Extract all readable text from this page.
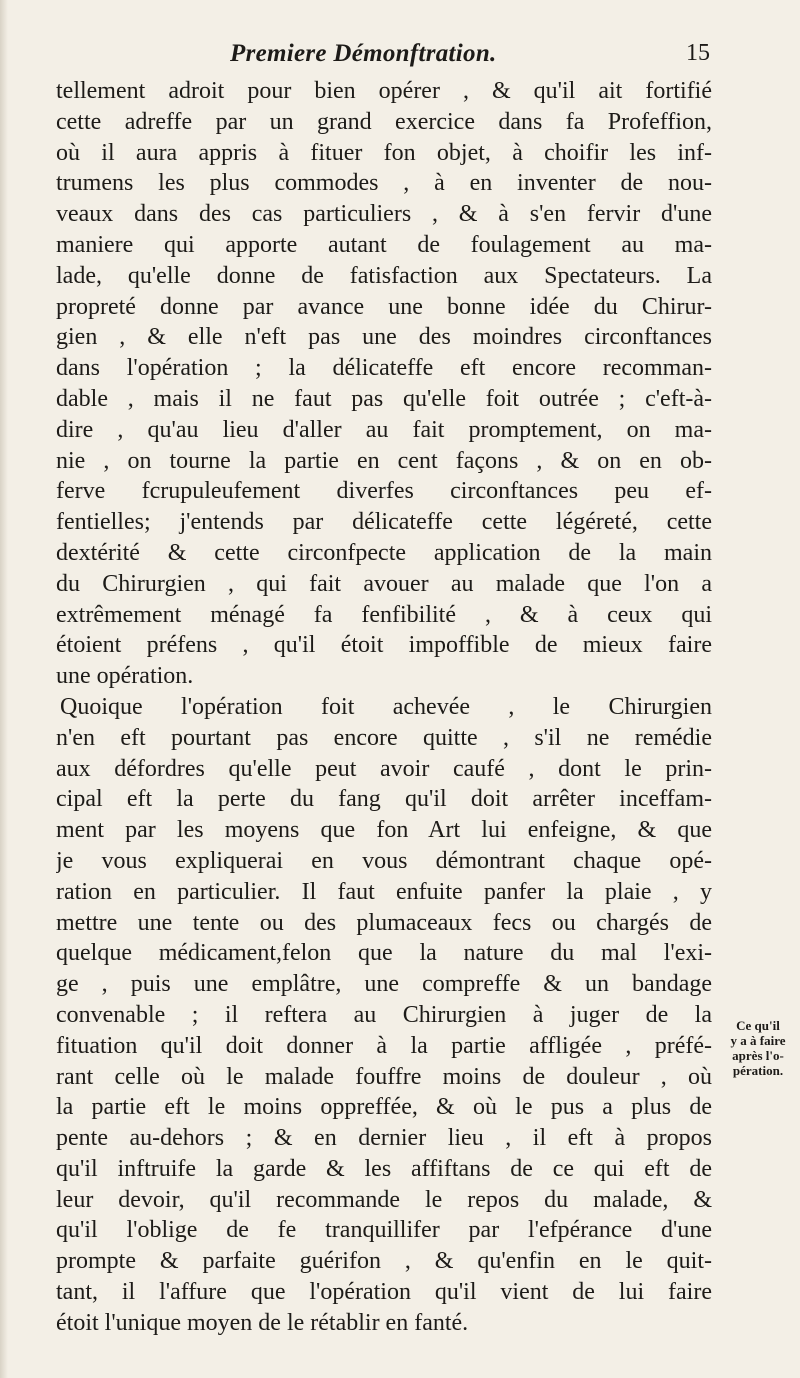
Premiere Démonftration.	15
tellement adroit pour bien opérer , & qu'il ait fortifié
cette adreffe par un grand exercice dans fa Profeffion,
où il aura appris à fituer fon objet, à choifir les inf-
trumens les plus commodes , à en inventer de nou-
veaux dans des cas particuliers , & à s'en fervir d'une
maniere qui apporte autant de foulagement au ma-
lade, qu'elle donne de fatisfaction aux Spectateurs. La
propreté donne par avance une bonne idée du Chirur-
gien , & elle n'eft pas une des moindres circonftances
dans l'opération ; la délicateffe eft encore recomman-
dable , mais il ne faut pas qu'elle foit outrée ; c'eft-à-
dire , qu'au lieu d'aller au fait promptement, on ma-
nie , on tourne la partie en cent façons , & on en ob-
ferve fcrupuleufement diverfes circonftances peu ef-
fentielles; j'entends par délicateffe cette légéreté, cette
dextérité & cette circonfpecte application de la main
du Chirurgien , qui fait avouer au malade que l'on a
extrêmement ménagé fa fenfibilité , & à ceux qui
étoient préfens , qu'il étoit impoffible de mieux faire
une opération.
Quoique l'opération foit achevée , le Chirurgien
n'en eft pourtant pas encore quitte , s'il ne remédie
aux défordres qu'elle peut avoir caufé , dont le prin-
cipal eft la perte du fang qu'il doit arrêter inceffam-
ment par les moyens que fon Art lui enfeigne, & que
je vous expliquerai en vous démontrant chaque opé-
ration en particulier. Il faut enfuite panfer la plaie , y
mettre une tente ou des plumaceaux fecs ou chargés de
quelque médicament,felon que la nature du mal l'exi-
ge , puis une emplâtre, une compreffe & un bandage
convenable ; il reftera au Chirurgien à juger de la
fituation qu'il doit donner à la partie affligée , préfé-
rant celle où le malade fouffre moins de douleur , où
la partie eft le moins oppreffée, & où le pus a plus de
pente au-dehors ; & en dernier lieu , il eft à propos
qu'il inftruife la garde & les affiftans de ce qui eft de
leur devoir, qu'il recommande le repos du malade, &
qu'il l'oblige de fe tranquillifer par l'efpérance d'une
prompte & parfaite guérifon , & qu'enfin en le quit-
tant, il l'affure que l'opération qu'il vient de lui faire
étoit l'unique moyen de le rétablir en fanté.
Ce qu'il
y a à faire
après l'o-
pération.
